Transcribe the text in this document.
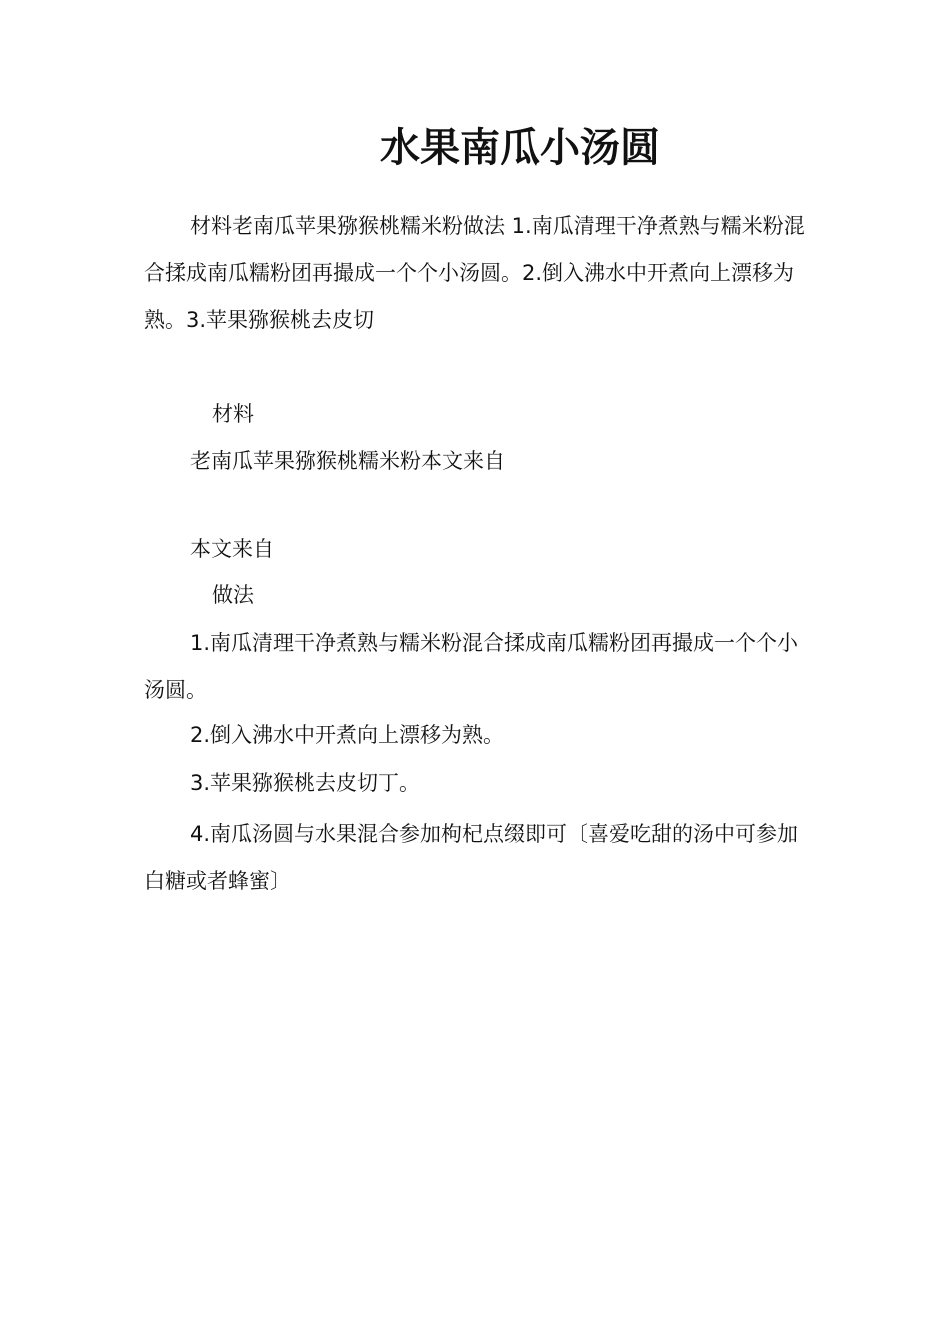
水果南瓜小汤圆

材料老南瓜苹果猕猴桃糯米粉做法 1.南瓜清理干净煮熟与糯米粉混合揉成南瓜糯粉团再撮成一个个小汤圆。2.倒入沸水中开煮向上漂移为熟。3.苹果猕猴桃去皮切

材料

老南瓜苹果猕猴桃糯米粉本文来自

本文来自

做法

1.南瓜清理干净煮熟与糯米粉混合揉成南瓜糯粉团再撮成一个个小汤圆。

2.倒入沸水中开煮向上漂移为熟。

3.苹果猕猴桃去皮切丁。

4.南瓜汤圆与水果混合参加枸杞点缀即可〔喜爱吃甜的汤中可参加白糖或者蜂蜜〕
